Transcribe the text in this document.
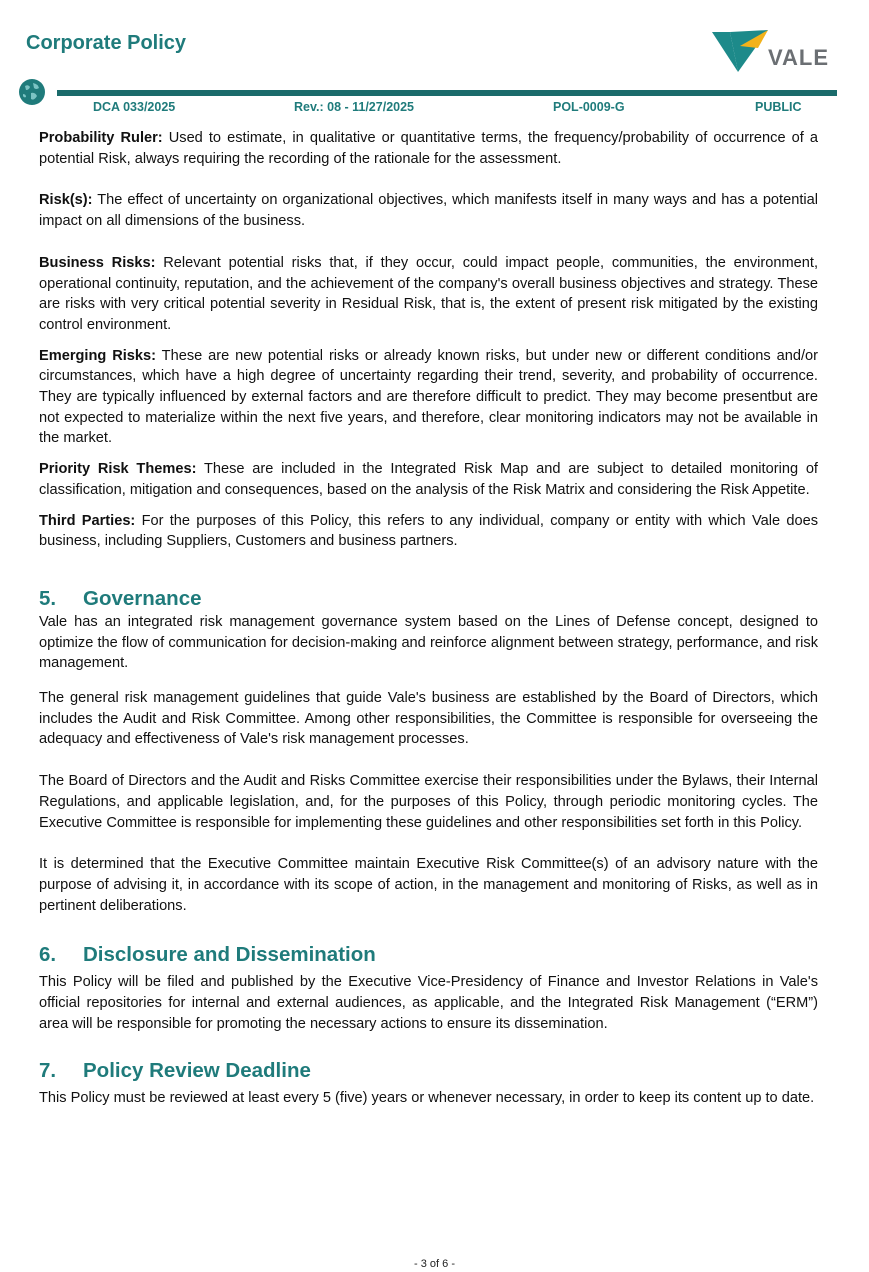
Corporate Policy
VALE
DCA 033/2025	Rev.: 08 - 11/27/2025	POL-0009-G	PUBLIC

Probability Ruler: Used to estimate, in qualitative or quantitative terms, the frequency/probability of occurrence of a potential Risk, always requiring the recording of the rationale for the assessment.

Risk(s): The effect of uncertainty on organizational objectives, which manifests itself in many ways and has a potential impact on all dimensions of the business.

Business Risks: Relevant potential risks that, if they occur, could impact people, communities, the environment, operational continuity, reputation, and the achievement of the company's overall business objectives and strategy. These are risks with very critical potential severity in Residual Risk, that is, the extent of present risk mitigated by the existing control environment.

Emerging Risks: These are new potential risks or already known risks, but under new or different conditions and/or circumstances, which have a high degree of uncertainty regarding their trend, severity, and probability of occurrence. They are typically influenced by external factors and are therefore difficult to predict. They may become presentbut are not expected to materialize within the next five years, and therefore, clear monitoring indicators may not be available in the market.

Priority Risk Themes: These are included in the Integrated Risk Map and are subject to detailed monitoring of classification, mitigation and consequences, based on the analysis of the Risk Matrix and considering the Risk Appetite.

Third Parties: For the purposes of this Policy, this refers to any individual, company or entity with which Vale does business, including Suppliers, Customers and business partners.

5. Governance

Vale has an integrated risk management governance system based on the Lines of Defense concept, designed to optimize the flow of communication for decision-making and reinforce alignment between strategy, performance, and risk management.

The general risk management guidelines that guide Vale's business are established by the Board of Directors, which includes the Audit and Risk Committee. Among other responsibilities, the Committee is responsible for overseeing the adequacy and effectiveness of Vale's risk management processes.

The Board of Directors and the Audit and Risks Committee exercise their responsibilities under the Bylaws, their Internal Regulations, and applicable legislation, and, for the purposes of this Policy, through periodic monitoring cycles. The Executive Committee is responsible for implementing these guidelines and other responsibilities set forth in this Policy.

It is determined that the Executive Committee maintain Executive Risk Committee(s) of an advisory nature with the purpose of advising it, in accordance with its scope of action, in the management and monitoring of Risks, as well as in pertinent deliberations.

6. Disclosure and Dissemination

This Policy will be filed and published by the Executive Vice-Presidency of Finance and Investor Relations in Vale's official repositories for internal and external audiences, as applicable, and the Integrated Risk Management (“ERM”) area will be responsible for promoting the necessary actions to ensure its dissemination.

7. Policy Review Deadline

This Policy must be reviewed at least every 5 (five) years or whenever necessary, in order to keep its content up to date.

- 3 of 6 -
